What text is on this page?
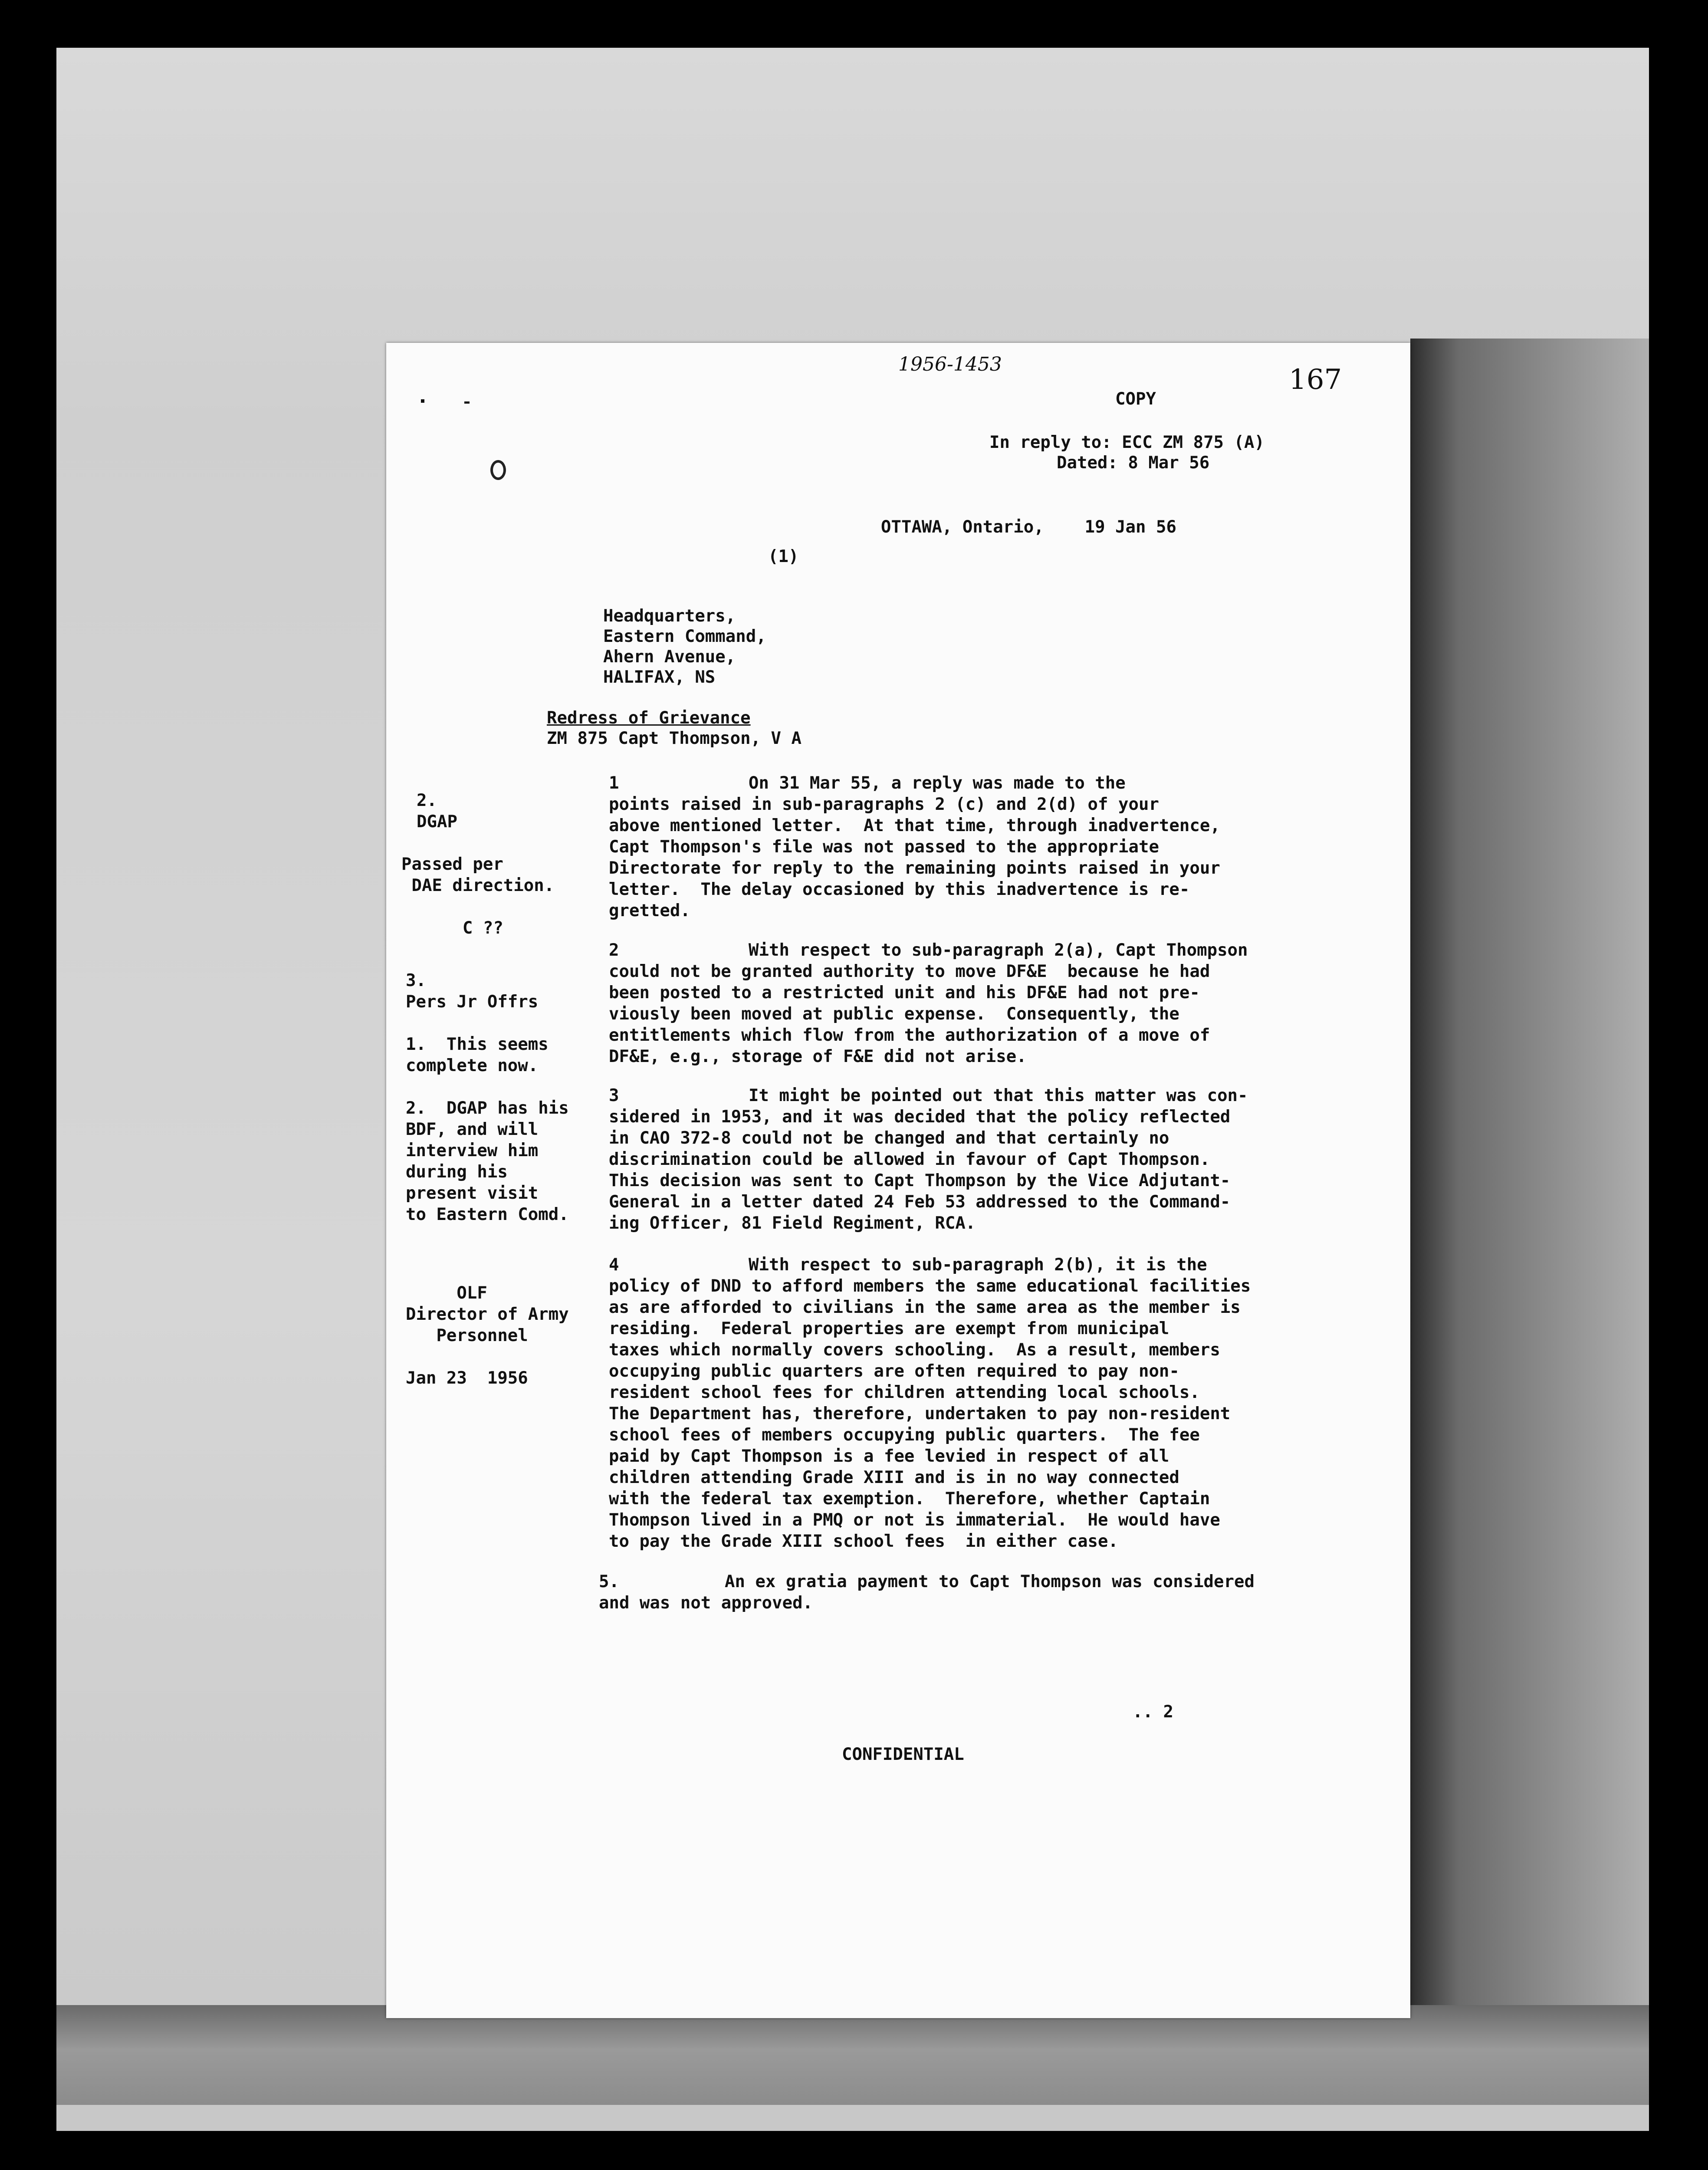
1956-1453
COPY
167
In reply to: ECC ZM 875 (A)
Dated: 8 Mar 56
OTTAWA, Ontario,    19 Jan 56
(1)
Headquarters,
Eastern Command,
Ahern Avenue,
HALIFAX, NS
Redress of Grievance
ZM 875 Capt Thompson, V A
1	On 31 Mar 55, a reply was made to the
points raised in sub-paragraphs 2 (c) and 2(d) of your
above mentioned letter.  At that time, through inadvertence,
Capt Thompson's file was not passed to the appropriate
Directorate for reply to the remaining points raised in your
letter.  The delay occasioned by this inadvertence is re-
gretted.
2	With respect to sub-paragraph 2(a), Capt Thompson
could not be granted authority to move DF&E  because he had
been posted to a restricted unit and his DF&E had not pre-
viously been moved at public expense.  Consequently, the
entitlements which flow from the authorization of a move of
DF&E, e.g., storage of F&E did not arise.
3	It might be pointed out that this matter was con-
sidered in 1953, and it was decided that the policy reflected
in CAO 372-8 could not be changed and that certainly no
discrimination could be allowed in favour of Capt Thompson.
This decision was sent to Capt Thompson by the Vice Adjutant-
General in a letter dated 24 Feb 53 addressed to the Command-
ing Officer, 81 Field Regiment, RCA.
4	With respect to sub-paragraph 2(b), it is the
policy of DND to afford members the same educational facilities
as are afforded to civilians in the same area as the member is
residing.  Federal properties are exempt from municipal
taxes which normally covers schooling.  As a result, members
occupying public quarters are often required to pay non-
resident school fees for children attending local schools.
The Department has, therefore, undertaken to pay non-resident
school fees of members occupying public quarters.  The fee
paid by Capt Thompson is a fee levied in respect of all
children attending Grade XIII and is in no way connected
with the federal tax exemption.  Therefore, whether Captain
Thompson lived in a PMQ or not is immaterial.  He would have
to pay the Grade XIII school fees  in either case.
5.	An ex gratia payment to Capt Thompson was considered
and was not approved.
2.
DGAP
Passed per
DAE direction.
C ??
3.
Pers Jr Offrs
1.  This seems
complete now.
2.  DGAP has his
BDF, and will
interview him
during his
present visit
to Eastern Comd.
OLF
Director of Army
Personnel
Jan 23  1956
.. 2
CONFIDENTIAL
